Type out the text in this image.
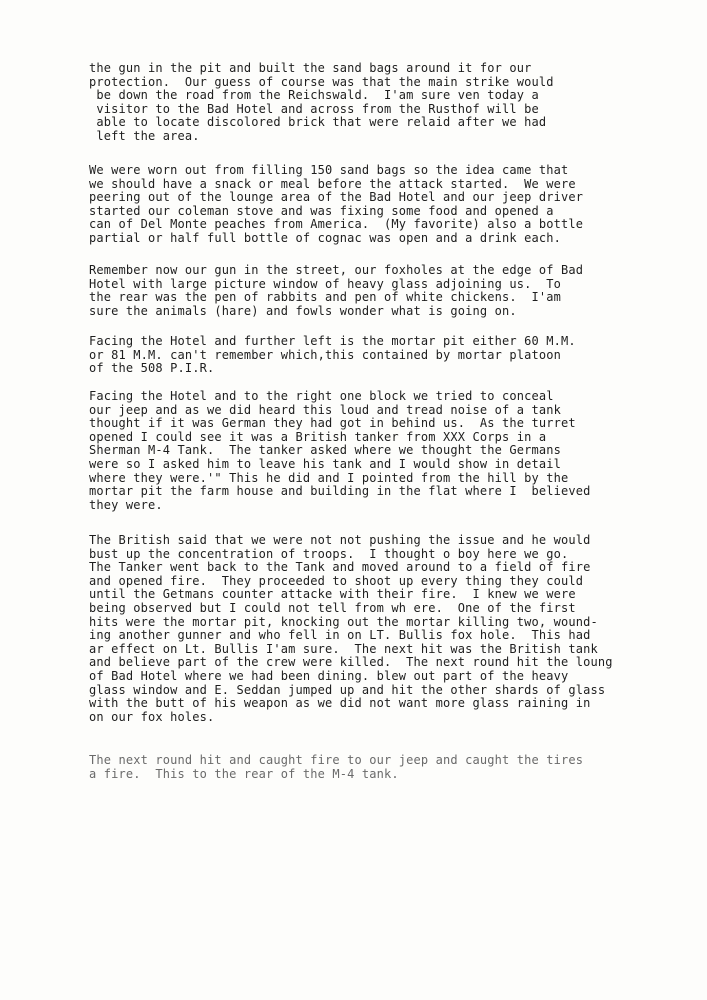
the gun in the pit and built the sand bags around it for our
protection.  Our guess of course was that the main strike would
be down the road from the Reichswald.  I'am sure ven today a
visitor to the Bad Hotel and across from the Rusthof will be
able to locate discolored brick that were relaid after we had
left the area.
We were worn out from filling 150 sand bags so the idea came that
we should have a snack or meal before the attack started.  We were
peering out of the lounge area of the Bad Hotel and our jeep driver
started our coleman stove and was fixing some food and opened a
can of Del Monte peaches from America.  (My favorite) also a bottle
partial or half full bottle of cognac was open and a drink each.
Remember now our gun in the street, our foxholes at the edge of Bad
Hotel with large picture window of heavy glass adjoining us.  To
the rear was the pen of rabbits and pen of white chickens.  I'am
sure the animals (hare) and fowls wonder what is going on.
Facing the Hotel and further left is the mortar pit either 60 M.M.
or 81 M.M. can't remember which,this contained by mortar platoon
of the 508 P.I.R.
Facing the Hotel and to the right one block we tried to conceal
our jeep and as we did heard this loud and tread noise of a tank
thought if it was German they had got in behind us.  As the turret
opened I could see it was a British tanker from XXX Corps in a
Sherman M-4 Tank.  The tanker asked where we thought the Germans
were so I asked him to leave his tank and I would show in detail
where they were.'" This he did and I pointed from the hill by the
mortar pit the farm house and building in the flat where I  believed
they were.
The British said that we were not not pushing the issue and he would
bust up the concentration of troops.  I thought o boy here we go.
The Tanker went back to the Tank and moved around to a field of fire
and opened fire.  They proceeded to shoot up every thing they could
until the Getmans counter attacke with their fire.  I knew we were
being observed but I could not tell from wh ere.  One of the first
hits were the mortar pit, knocking out the mortar killing two, wound-
ing another gunner and who fell in on LT. Bullis fox hole.  This had
ar effect on Lt. Bullis I'am sure.  The next hit was the British tank
and believe part of the crew were killed.  The next round hit the loung
of Bad Hotel where we had been dining. blew out part of the heavy
glass window and E. Seddan jumped up and hit the other shards of glass
with the butt of his weapon as we did not want more glass raining in
on our fox holes.
The next round hit and caught fire to our jeep and caught the tires
a fire.  This to the rear of the M-4 tank.
